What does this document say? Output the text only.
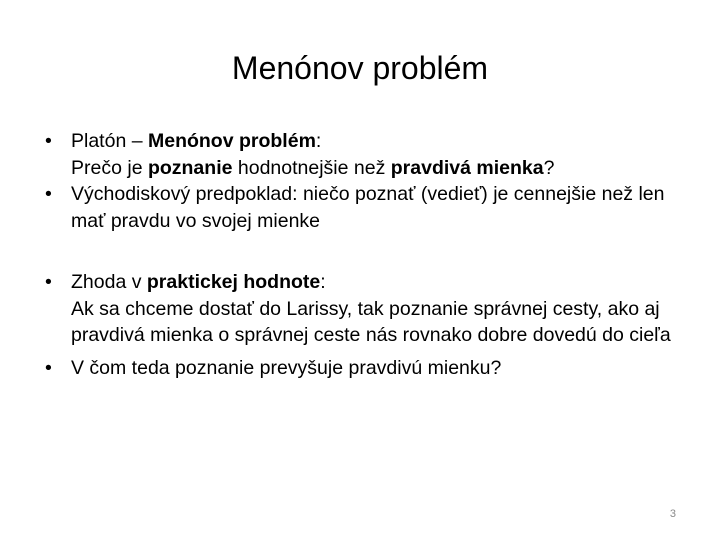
Menónov problém
• Platón – Menónov problém:
Prečo je poznanie hodnotnejšie než pravdivá mienka?
• Východiskový predpoklad: niečo poznať (vedieť) je cennejšie než len mať pravdu vo svojej mienke
• Zhoda v praktickej hodnote:
Ak sa chceme dostať do Larissy, tak poznanie správnej cesty, ako aj pravdivá mienka o správnej ceste nás rovnako dobre dovedú do cieľa
• V čom teda poznanie prevyšuje pravdivú mienku?
3
